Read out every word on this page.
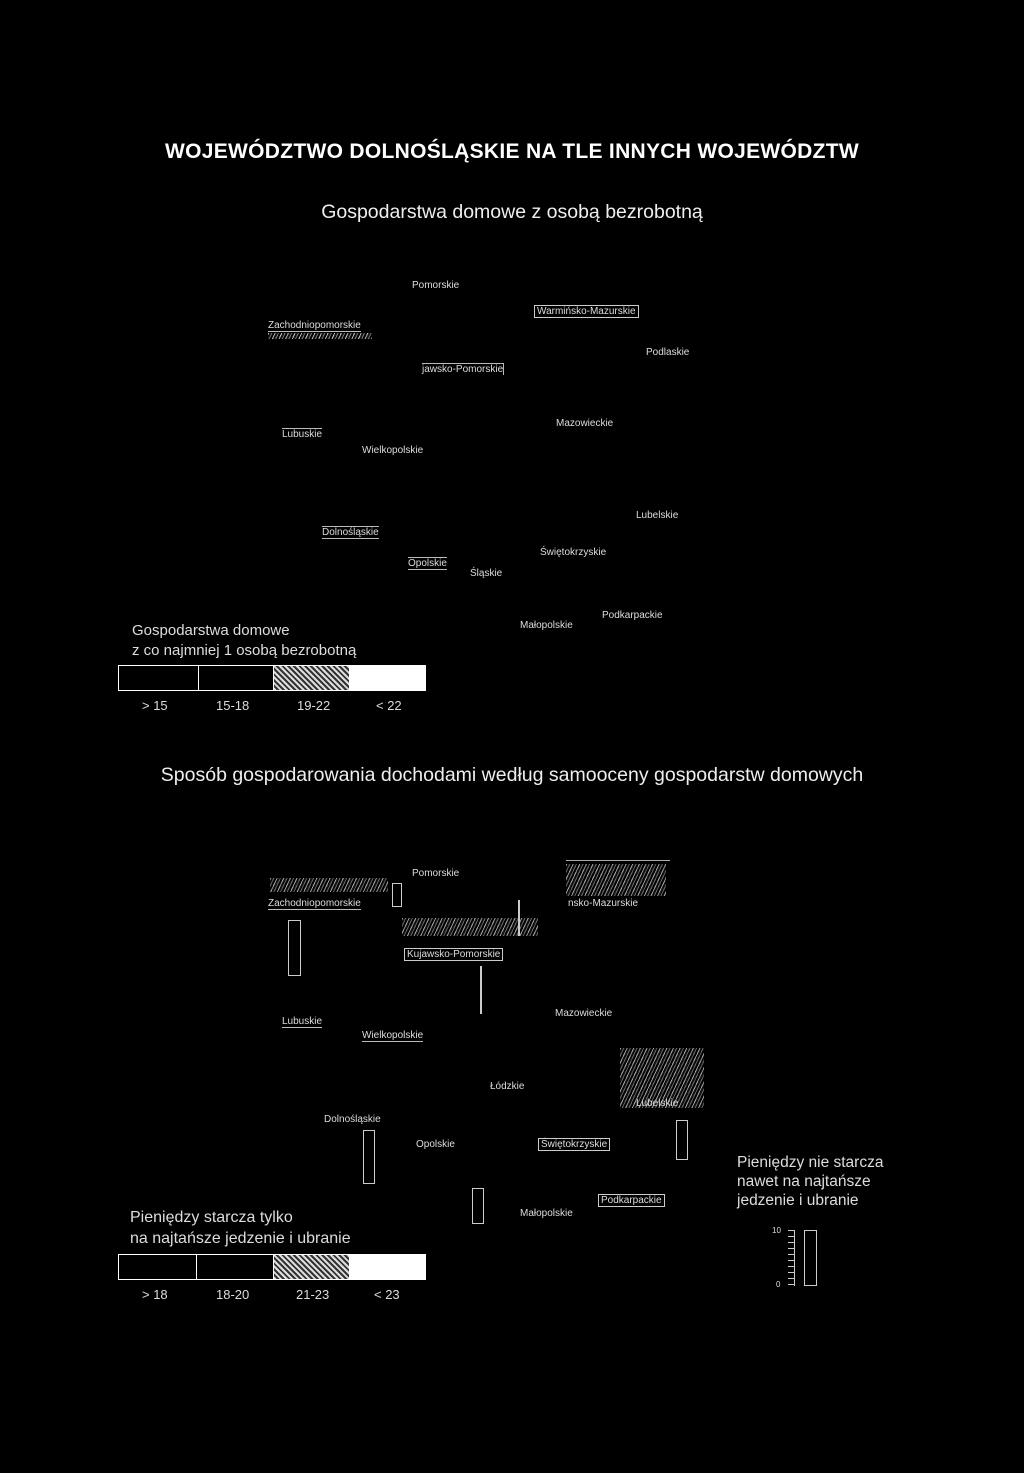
WOJEWÓDZTWO DOLNOŚLĄSKIE NA TLE INNYCH WOJEWÓDZTW
Gospodarstwa domowe z osobą bezrobotną
Pomorskie
Zachodniopomorskie
Warmińsko-Mazurskie
jawsko-Pomorskie
Podlaskie
Lubuskie
Wielkopolskie
Mazowieckie
Lubelskie
Dolnośląskie
Opolskie
Śląskie
Świętokrzyskie
Małopolskie
Podkarpackie
Gospodarstwa domowe
z co najmniej 1 osobą bezrobotną
> 15	15-18	19-22	< 22
Sposób gospodarowania dochodami według samooceny gospodarstw domowych
Pomorskie
Zachodniopomorskie	nsko-Mazurskie
Kujawsko-Pomorskie
Lubuskie
Wielkopolskie
Mazowieckie
Łódzkie
Lubelskie
Dolnośląskie
Opolskie	Świętokrzyskie
Małopolskie
Podkarpackie
Pieniędzy starcza tylko
na najtańsze jedzenie i ubranie
> 18	18-20	21-23	< 23
Pieniędzy nie starcza
nawet na najtańsze
jedzenie i ubranie
10
0
